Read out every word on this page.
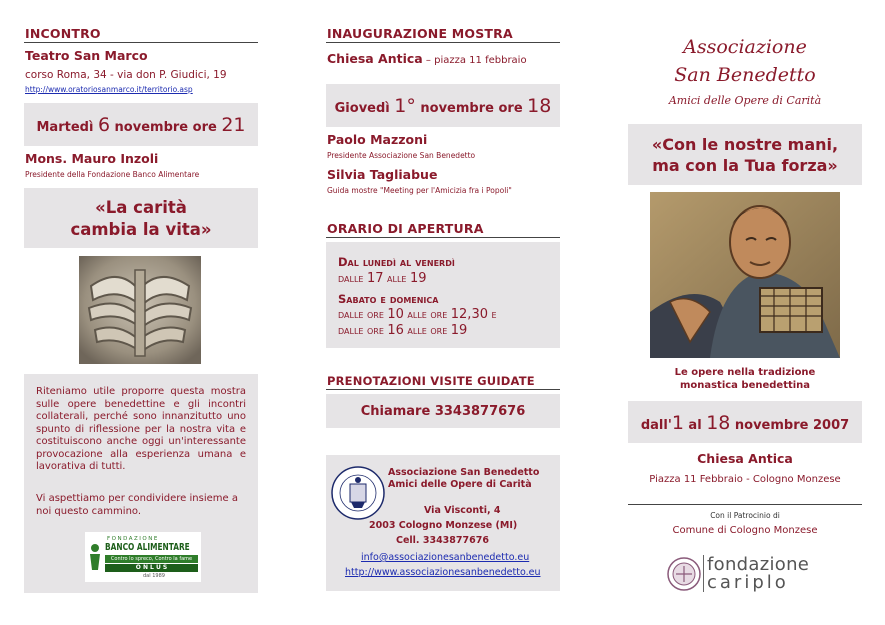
INCONTRO
Teatro San Marco
corso Roma, 34 - via don P. Giudici, 19
http://www.oratoriosanmarco.it/territorio.asp
Martedì 6 novembre ore 21
Mons. Mauro Inzoli
Presidente della Fondazione Banco Alimentare
«La carità
cambia la vita»
Riteniamo utile proporre questa mostra sulle opere benedettine e gli incontri collaterali, perché sono innanzitutto uno spunto di riflessione per la nostra vita e costituiscono anche oggi un'interessante provocazione alla esperienza umana e lavorativa di tutti.
Vi aspettiamo per condividere insieme a noi questo cammino.
FONDAZIONE
BANCO ALIMENTARE
Contro lo spreco, Contro la fame
O N L U S
dal 1989
INAUGURAZIONE MOSTRA
Chiesa Antica – piazza 11 febbraio
Giovedì 1° novembre ore 18
Paolo Mazzoni
Presidente Associazione San Benedetto
Silvia Tagliabue
Guida mostre "Meeting per l'Amicizia fra i Popoli"
ORARIO DI APERTURA
Dal lunedì al venerdì
dalle 17 alle 19
Sabato e domenica
dalle ore 10 alle ore 12,30 e
dalle ore 16 alle ore 19
PRENOTAZIONI VISITE GUIDATE
Chiamare 3343877676
Associazione San Benedetto
Amici delle Opere di Carità
Via Visconti, 4
2003 Cologno Monzese (MI)
Cell. 3343877676
info@associazionesanbenedetto.eu
http://www.associazionesanbenedetto.eu
Associazione
San Benedetto
Amici delle Opere di Carità
«Con le nostre mani,
ma con la Tua forza»
Le opere nella tradizione
monastica benedettina
dall'1 al 18 novembre 2007
Chiesa Antica
Piazza 11 Febbraio - Cologno Monzese
Con il Patrocinio di
Comune di Cologno Monzese
fondazione
cariplo
